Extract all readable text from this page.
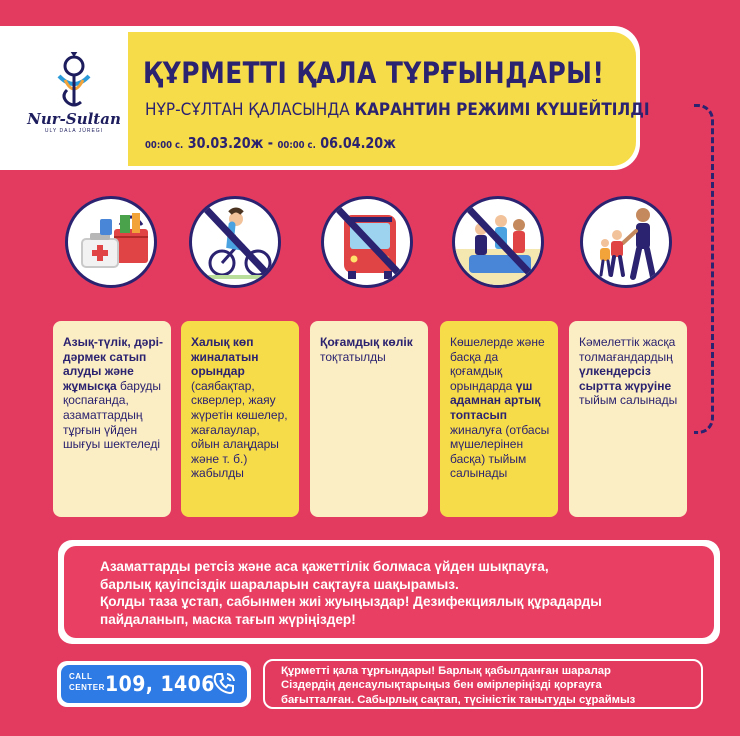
Nur-Sultan
ULY DALA JÚREGI
ҚҰРМЕТТІ ҚАЛА ТҰРҒЫНДАРЫ!
НҰР-СҰЛТАН ҚАЛАСЫНДА КАРАНТИН РЕЖИМІ КҮШЕЙТІЛДІ
00:00 с. 30.03.20ж - 00:00 с. 06.04.20ж
Азық-түлік, дәрі-дәрмек сатып алуды және жұмысқа баруды қоспағанда, азаматтардың тұрғын үйден шығуы шектеледі
Халық көп жиналатын орындар (саябақтар, скверлер, жаяу жүретін көшелер, жағалаулар, ойын алаңдары және т. б.) жабылды
Қоғамдық көлік тоқтатылды
Көшелерде және басқа да қоғамдық орындарда үш адамнан артық топтасып жиналуға (отбасы мүшелерінен басқа) тыйым салынады
Кәмелеттік жасқа толмағандардың үлкендерсіз сыртта жүруіне тыйым салынады
Азаматтарды ретсіз және аса қажеттілік болмаса үйден шықпауға,
барлық қауіпсіздік шараларын сақтауға шақырамыз.
Қолды таза ұстап, сабынмен жиі жуыңыздар! Дезифекциялық құрадарды
пайдаланып, маска тағып жүріңіздер!
CALL
CENTER 109, 1406
Құрметті қала тұрғындары! Барлық қабылданған шаралар
Сіздердің денсаулықтарыңыз бен өмірлеріңізді қорғауға
бағытталған. Сабырлық сақтап, түсіністік танытуды сұраймыз
